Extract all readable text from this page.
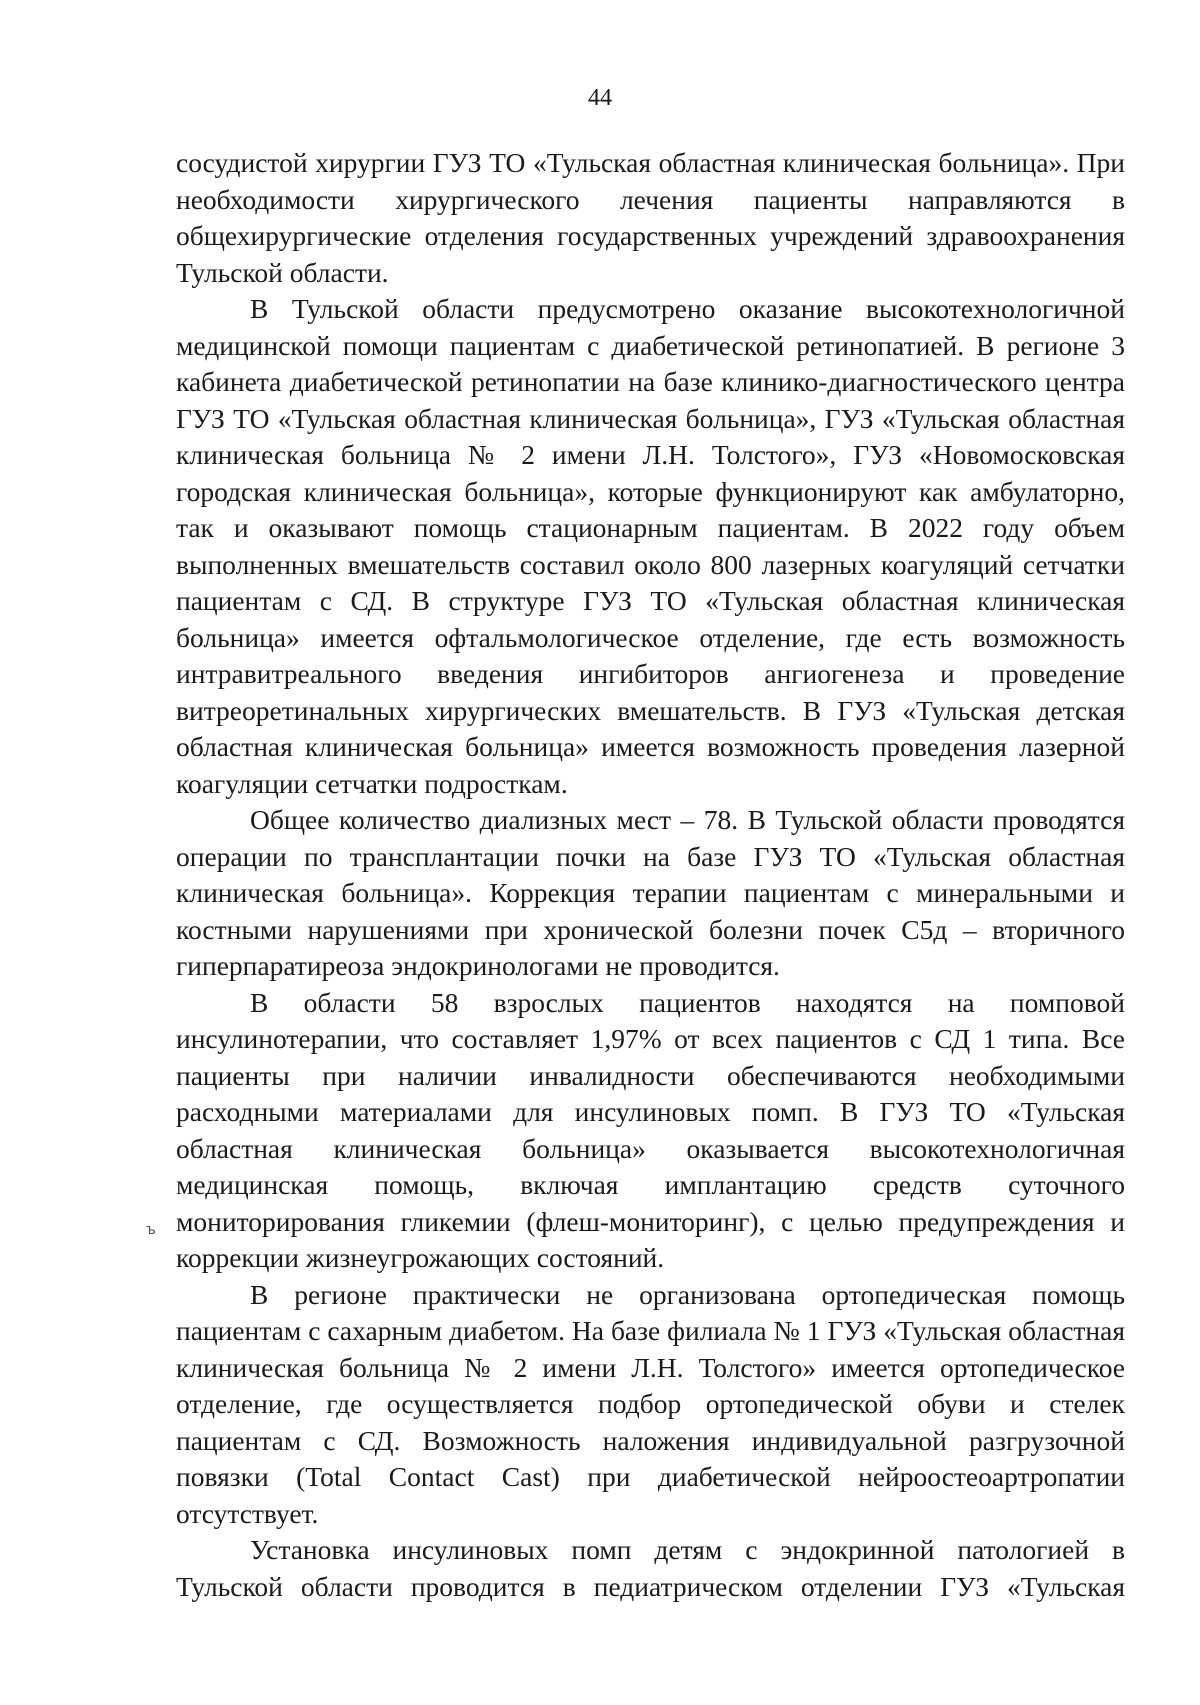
44

сосудистой хирургии ГУЗ ТО «Тульская областная клиническая больница». При необходимости хирургического лечения пациенты направляются в общехирургические отделения государственных учреждений здравоохранения Тульской области.

В Тульской области предусмотрено оказание высокотехнологичной медицинской помощи пациентам с диабетической ретинопатией. В регионе 3 кабинета диабетической ретинопатии на базе клинико-диагностического центра ГУЗ ТО «Тульская областная клиническая больница», ГУЗ «Тульская областная клиническая больница № 2 имени Л.Н. Толстого», ГУЗ «Новомосковская городская клиническая больница», которые функционируют как амбулаторно, так и оказывают помощь стационарным пациентам. В 2022 году объем выполненных вмешательств составил около 800 лазерных коагуляций сетчатки пациентам с СД. В структуре ГУЗ ТО «Тульская областная клиническая больница» имеется офтальмологическое отделение, где есть возможность интравитреального введения ингибиторов ангиогенеза и проведение витреоретинальных хирургических вмешательств. В ГУЗ «Тульская детская областная клиническая больница» имеется возможность проведения лазерной коагуляции сетчатки подросткам.

Общее количество диализных мест – 78. В Тульской области проводятся операции по трансплантации почки на базе ГУЗ ТО «Тульская областная клиническая больница». Коррекция терапии пациентам с минеральными и костными нарушениями при хронической болезни почек С5д – вторичного гиперпаратиреоза эндокринологами не проводится.

В области 58 взрослых пациентов находятся на помповой инсулинотерапии, что составляет 1,97% от всех пациентов с СД 1 типа. Все пациенты при наличии инвалидности обеспечиваются необходимыми расходными материалами для инсулиновых помп. В ГУЗ ТО «Тульская областная клиническая больница» оказывается высокотехнологичная медицинская помощь, включая имплантацию средств суточного мониторирования гликемии (флеш-мониторинг), с целью предупреждения и коррекции жизнеугрожающих состояний.

В регионе практически не организована ортопедическая помощь пациентам с сахарным диабетом. На базе филиала № 1 ГУЗ «Тульская областная клиническая больница № 2 имени Л.Н. Толстого» имеется ортопедическое отделение, где осуществляется подбор ортопедической обуви и стелек пациентам с СД. Возможность наложения индивидуальной разгрузочной повязки (Total Contact Cast) при диабетической нейроостеоартропатии отсутствует.

Установка инсулиновых помп детям с эндокринной патологией в Тульской области проводится в педиатрическом отделении ГУЗ «Тульская

ъ
